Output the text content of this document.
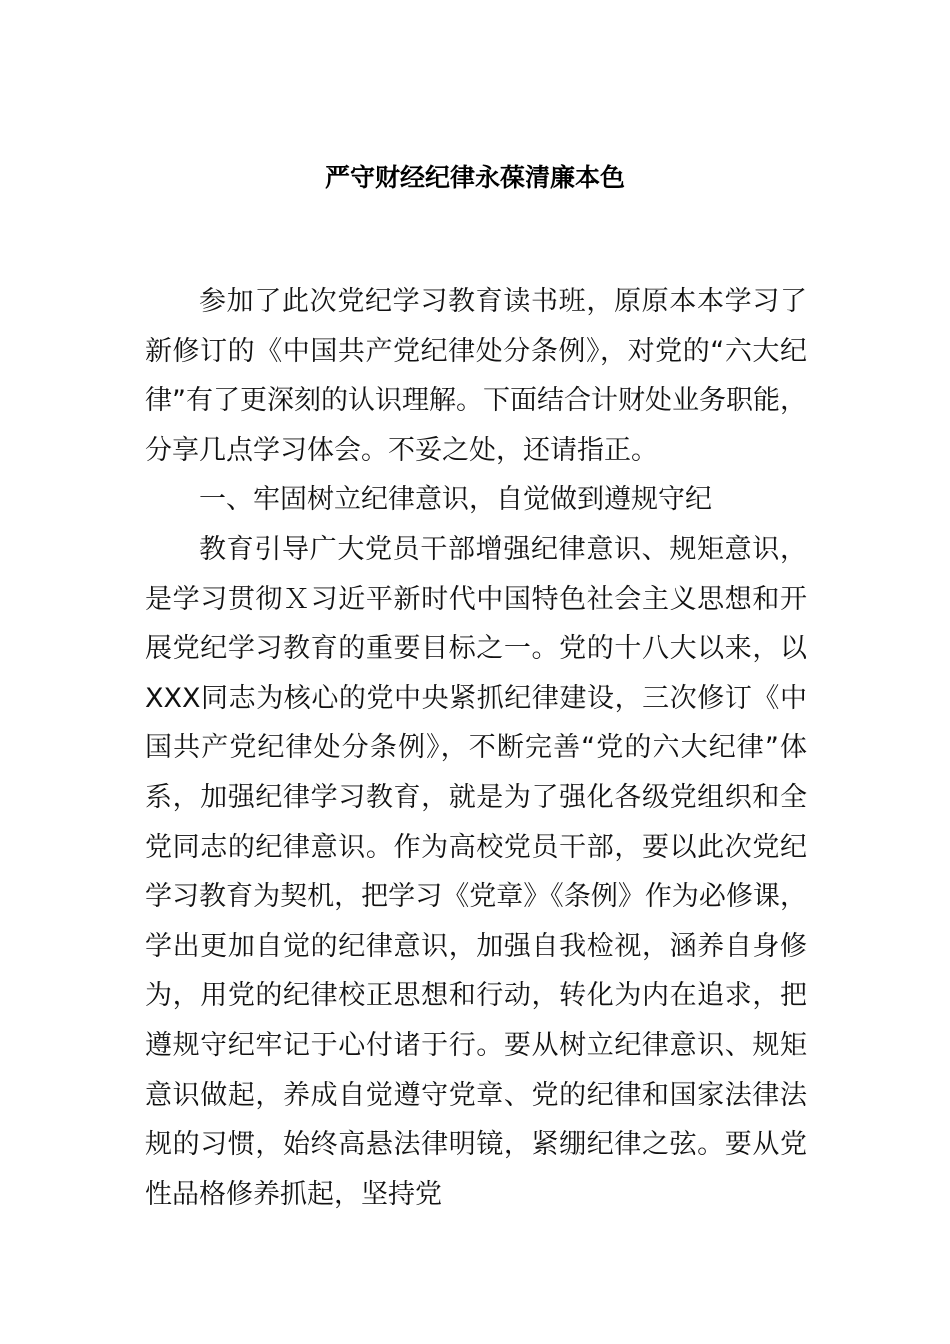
严守财经纪律永葆清廉本色

参加了此次党纪学习教育读书班，原原本本学习了新修订的《中国共产党纪律处分条例》，对党的“六大纪律”有了更深刻的认识理解。下面结合计财处业务职能，分享几点学习体会。不妥之处，还请指正。

一、牢固树立纪律意识，自觉做到遵规守纪

教育引导广大党员干部增强纪律意识、规矩意识，是学习贯彻Ｘ习近平新时代中国特色社会主义思想和开展党纪学习教育的重要目标之一。党的十八大以来，以XXX同志为核心的党中央紧抓纪律建设，三次修订《中国共产党纪律处分条例》，不断完善“党的六大纪律”体系，加强纪律学习教育，就是为了强化各级党组织和全党同志的纪律意识。作为高校党员干部，要以此次党纪学习教育为契机，把学习《党章》《条例》作为必修课，学出更加自觉的纪律意识，加强自我检视，涵养自身修为，用党的纪律校正思想和行动，转化为内在追求，把遵规守纪牢记于心付诸于行。要从树立纪律意识、规矩意识做起，养成自觉遵守党章、党的纪律和国家法律法规的习惯，始终高悬法律明镜，紧绷纪律之弦。要从党性品格修养抓起，坚持党
